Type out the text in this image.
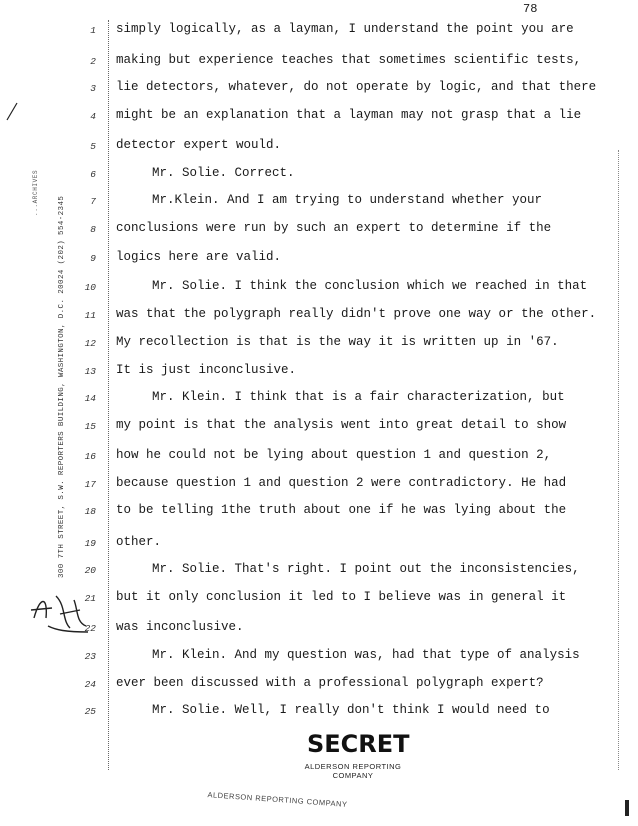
78
300 7TH STREET, S.W. REPORTERS BUILDING, WASHINGTON, D.C. 20024 (202) 554-2345
...ARCHIVES
1
2
3
4
5
6
7
8
9
10
11
12
13
14
15
16
17
18
19
20
21
22
23
24
25
simply logically, as a layman, I understand the point you are
making but experience teaches that sometimes scientific tests,
lie detectors, whatever, do not operate by logic, and that there
might be an explanation that a layman may not grasp that a lie
detector expert would.
Mr. Solie. Correct.
Mr.Klein. And I am trying to understand whether your
conclusions were run by such an expert to determine if the
logics here are valid.
Mr. Solie. I think the conclusion which we reached in that
was that the polygraph really didn't prove one way or the other.
My recollection is that is the way it is written up in '67.
It is just inconclusive.
Mr. Klein. I think that is a fair characterization, but
my point is that the analysis went into great detail to show
how he could not be lying about question 1 and question 2,
because question 1 and question 2 were contradictory. He had
to be telling 1the truth about one if he was lying about the
other.
Mr. Solie. That's right. I point out the inconsistencies,
but it only conclusion it led to I believe was in general it
was inconclusive.
Mr. Klein. And my question was, had that type of analysis
ever been discussed with a professional polygraph expert?
Mr. Solie. Well, I really don't think I would need to
SECRET
ALDERSON REPORTING COMPANY
ALDERSON REPORTING COMPANY
